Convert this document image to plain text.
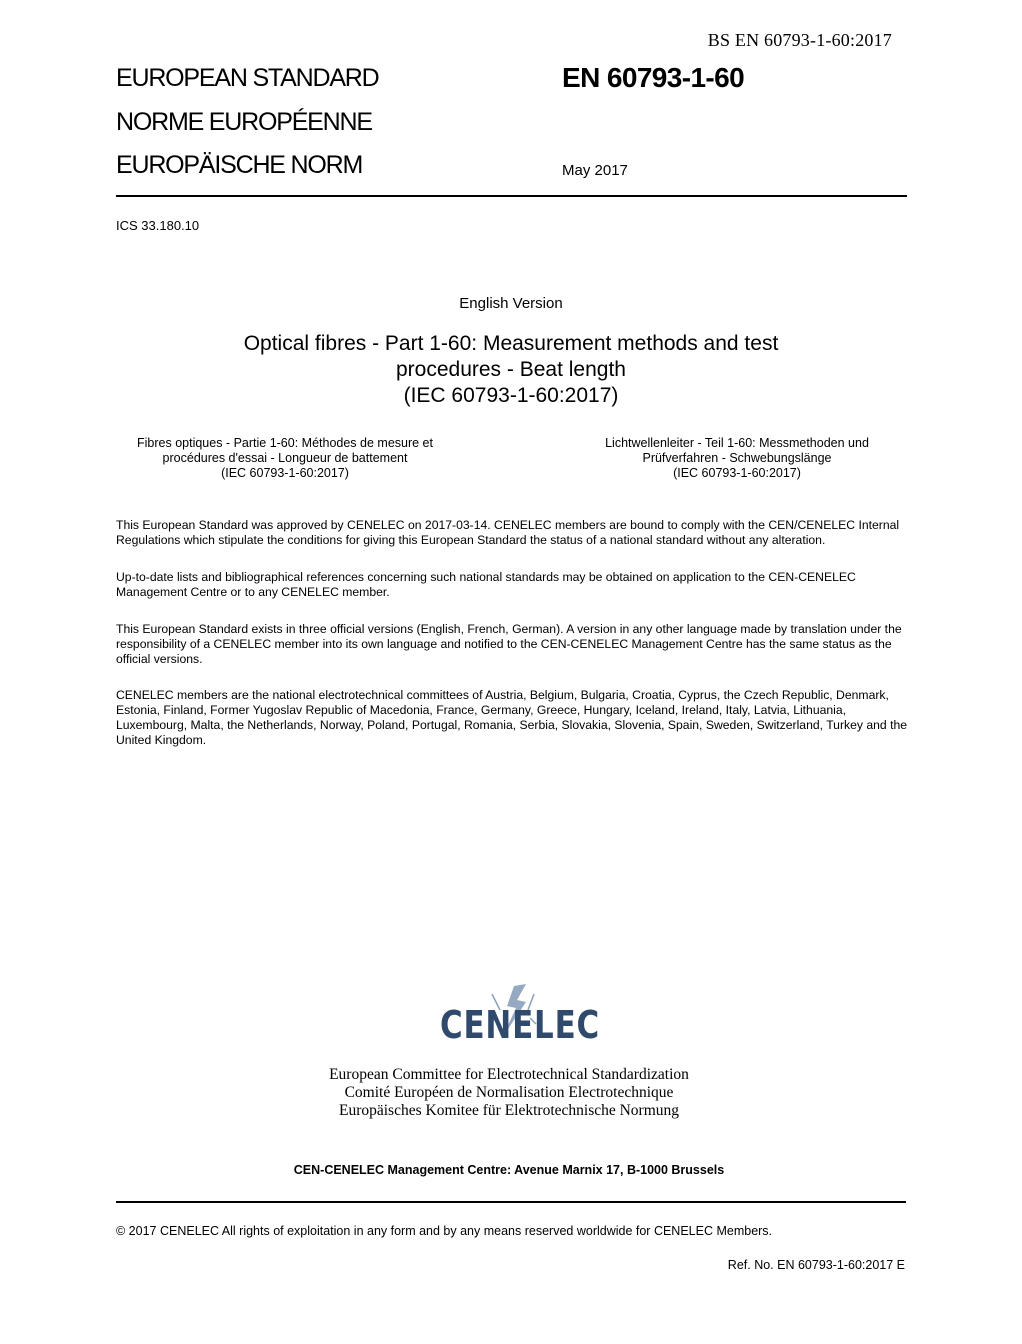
BS EN 60793-1-60:2017
EUROPEAN STANDARD
NORME EUROPÉENNE
EUROPÄISCHE NORM
EN 60793-1-60
May 2017
ICS 33.180.10
English Version
Optical fibres - Part 1-60: Measurement methods and test
procedures - Beat length
(IEC 60793-1-60:2017)
Fibres optiques - Partie 1-60: Méthodes de mesure et
procédures d'essai - Longueur de battement
(IEC 60793-1-60:2017)
Lichtwellenleiter - Teil 1-60: Messmethoden und
Prüfverfahren - Schwebungslänge
(IEC 60793-1-60:2017)
This European Standard was approved by CENELEC on 2017-03-14. CENELEC members are bound to comply with the CEN/CENELEC Internal Regulations which stipulate the conditions for giving this European Standard the status of a national standard without any alteration.
Up-to-date lists and bibliographical references concerning such national standards may be obtained on application to the CEN-CENELEC Management Centre or to any CENELEC member.
This European Standard exists in three official versions (English, French, German). A version in any other language made by translation under the responsibility of a CENELEC member into its own language and notified to the CEN-CENELEC Management Centre has the same status as the official versions.
CENELEC members are the national electrotechnical committees of Austria, Belgium, Bulgaria, Croatia, Cyprus, the Czech Republic, Denmark, Estonia, Finland, Former Yugoslav Republic of Macedonia, France, Germany, Greece, Hungary, Iceland, Ireland, Italy, Latvia, Lithuania, Luxembourg, Malta, the Netherlands, Norway, Poland, Portugal, Romania, Serbia, Slovakia, Slovenia, Spain, Sweden, Switzerland, Turkey and the United Kingdom.
CENELEC
European Committee for Electrotechnical Standardization
Comité Européen de Normalisation Electrotechnique
Europäisches Komitee für Elektrotechnische Normung
CEN-CENELEC Management Centre: Avenue Marnix 17, B-1000 Brussels
© 2017 CENELEC All rights of exploitation in any form and by any means reserved worldwide for CENELEC Members.
Ref. No. EN 60793-1-60:2017 E
